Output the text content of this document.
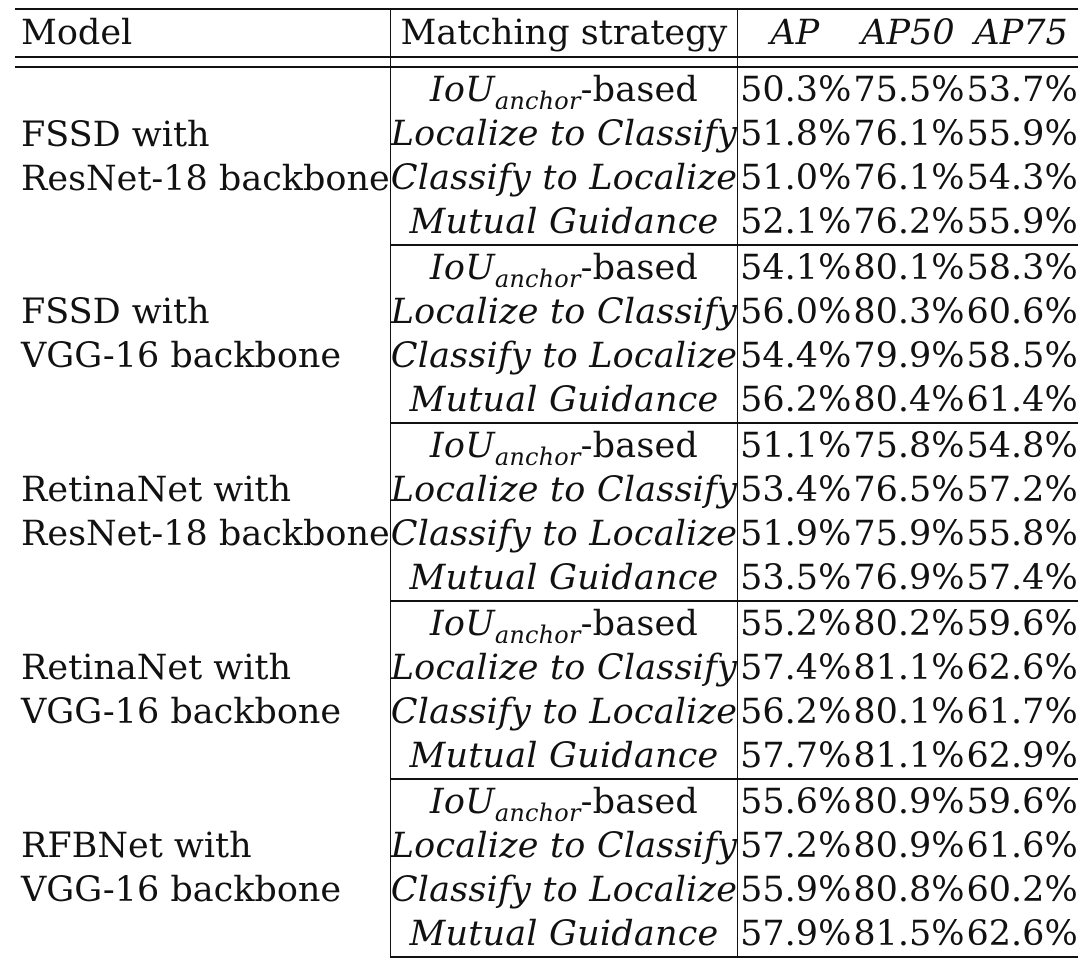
Model	Matching strategy	AP	AP50	AP75

FSSD with
ResNet-18 backbone	IoU$_{anchor}$-based	50.3%	75.5%	53.7%
	Localize to Classify	51.8%	76.1%	55.9%
	Classify to Localize	51.0%	76.1%	54.3%
	Mutual Guidance	52.1%	76.2%	55.9%

FSSD with
VGG-16 backbone	IoU$_{anchor}$-based	54.1%	80.1%	58.3%
	Localize to Classify	56.0%	80.3%	60.6%
	Classify to Localize	54.4%	79.9%	58.5%
	Mutual Guidance	56.2%	80.4%	61.4%

RetinaNet with
ResNet-18 backbone	IoU$_{anchor}$-based	51.1%	75.8%	54.8%
	Localize to Classify	53.4%	76.5%	57.2%
	Classify to Localize	51.9%	75.9%	55.8%
	Mutual Guidance	53.5%	76.9%	57.4%

RetinaNet with
VGG-16 backbone	IoU$_{anchor}$-based	55.2%	80.2%	59.6%
	Localize to Classify	57.4%	81.1%	62.6%
	Classify to Localize	56.2%	80.1%	61.7%
	Mutual Guidance	57.7%	81.1%	62.9%

RFBNet with
VGG-16 backbone	IoU$_{anchor}$-based	55.6%	80.9%	59.6%
	Localize to Classify	57.2%	80.9%	61.6%
	Classify to Localize	55.9%	80.8%	60.2%
	Mutual Guidance	57.9%	81.5%	62.6%
